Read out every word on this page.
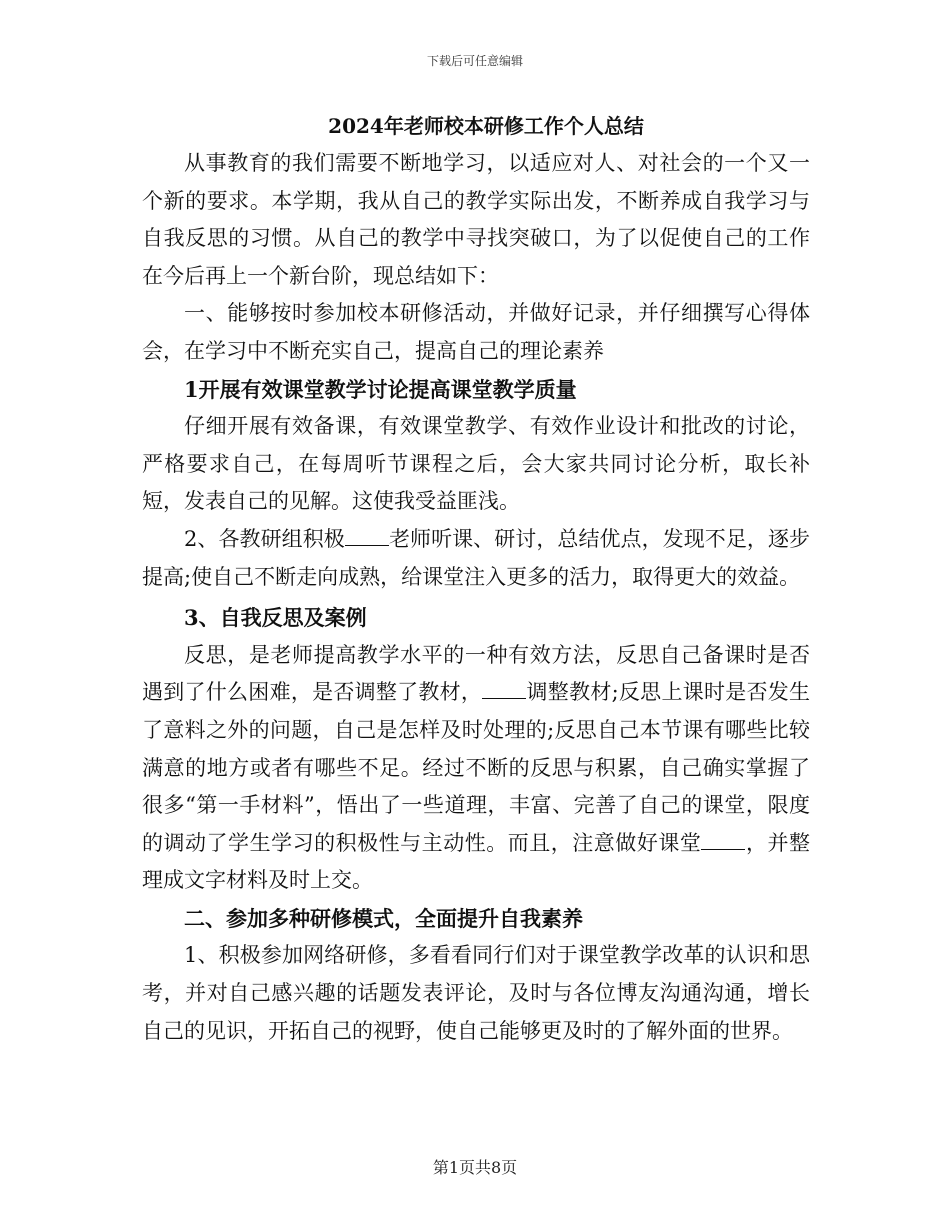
下载后可任意编辑
2024年老师校本研修工作个人总结

从事教育的我们需要不断地学习，以适应对人、对社会的一个又一个新的要求。本学期，我从自己的教学实际出发，不断养成自我学习与自我反思的习惯。从自己的教学中寻找突破口，为了以促使自己的工作在今后再上一个新台阶，现总结如下：

一、能够按时参加校本研修活动，并做好记录，并仔细撰写心得体会，在学习中不断充实自己，提高自己的理论素养

1开展有效课堂教学讨论提高课堂教学质量

仔细开展有效备课，有效课堂教学、有效作业设计和批改的讨论，严格要求自己，在每周听节课程之后，会大家共同讨论分析，取长补短，发表自己的见解。这使我受益匪浅。

2、各教研组积极 老师听课、研讨，总结优点，发现不足，逐步提高;使自己不断走向成熟，给课堂注入更多的活力，取得更大的效益。

3、自我反思及案例

反思，是老师提高教学水平的一种有效方法，反思自己备课时是否遇到了什么困难，是否调整了教材， 调整教材;反思上课时是否发生了意料之外的问题，自己是怎样及时处理的;反思自己本节课有哪些比较满意的地方或者有哪些不足。经过不断的反思与积累，自己确实掌握了很多“第一手材料”，悟出了一些道理，丰富、完善了自己的课堂，限度的调动了学生学习的积极性与主动性。而且，注意做好课堂 ，并整理成文字材料及时上交。

二、参加多种研修模式，全面提升自我素养

1、积极参加网络研修，多看看同行们对于课堂教学改革的认识和思考，并对自己感兴趣的话题发表评论，及时与各位博友沟通沟通，增长自己的见识，开拓自己的视野，使自己能够更及时的了解外面的世界。

第1页共8页
